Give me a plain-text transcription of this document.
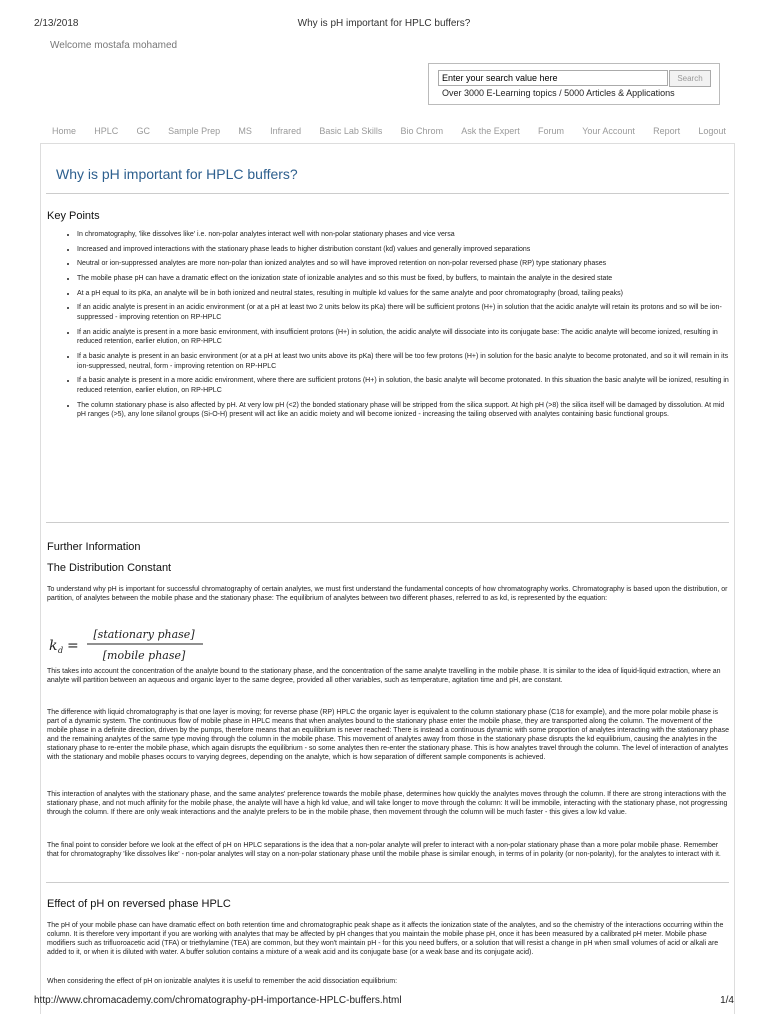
2/13/2018	Why is pH important for HPLC buffers?
Welcome mostafa mohamed
Enter your search value here
Search
Over 3000 E-Learning topics / 5000 Articles & Applications
Home HPLC GC Sample Prep MS Infrared Basic Lab Skills Bio Chrom Ask the Expert Forum Your Account Report Logout
Why is pH important for HPLC buffers?
Key Points
• In chromatography, 'like dissolves like' i.e. non-polar analytes interact well with non-polar stationary phases and vice versa
• Increased and improved interactions with the stationary phase leads to higher distribution constant (kd) values and generally improved separations
• Neutral or ion-suppressed analytes are more non-polar than ionized analytes and so will have improved retention on non-polar reversed phase (RP) type stationary phases
• The mobile phase pH can have a dramatic effect on the ionization state of ionizable analytes and so this must be fixed, by buffers, to maintain the analyte in the desired state
• At a pH equal to its pKa, an analyte will be in both ionized and neutral states, resulting in multiple kd values for the same analyte and poor chromatography (broad, tailing peaks)
• If an acidic analyte is present in an acidic environment (or at a pH at least two 2 units below its pKa) there will be sufficient protons (H+) in solution that the acidic analyte will retain its protons and so will be ion-suppressed - improving retention on RP-HPLC
• If an acidic analyte is present in a more basic environment, with insufficient protons (H+) in solution, the acidic analyte will dissociate into its conjugate base: The acidic analyte will become ionized, resulting in reduced retention, earlier elution, on RP-HPLC
• If a basic analyte is present in an basic environment (or at a pH at least two units above its pKa) there will be too few protons (H+) in solution for the basic analyte to become protonated, and so it will remain in its ion-suppressed, neutral, form - improving retention on RP-HPLC
• If a basic analyte is present in a more acidic environment, where there are sufficient protons (H+) in solution, the basic analyte will become protonated. In this situation the basic analyte will be ionized, resulting in reduced retention, earlier elution, on RP-HPLC
• The column stationary phase is also affected by pH. At very low pH (<2) the bonded stationary phase will be stripped from the silica support. At high pH (>8) the silica itself will be damaged by dissolution. At mid pH ranges (>5), any lone silanol groups (Si-O-H) present will act like an acidic moiety and will become ionized - increasing the tailing observed with analytes containing basic functional groups.
Further Information
The Distribution Constant

To understand why pH is important for successful chromatography of certain analytes, we must first understand the fundamental concepts of how chromatography works. Chromatography is based upon the distribution, or partition, of analytes between the mobile phase and the stationary phase: The equilibrium of analytes between two different phases, referred to as kd, is represented by the equation:

k d =
[stationary phase]
[mobile phase]

This takes into account the concentration of the analyte bound to the stationary phase, and the concentration of the same analyte travelling in the mobile phase. It is similar to the idea of liquid-liquid extraction, where an analyte will partition between an aqueous and organic layer to the same degree, provided all other variables, such as temperature, agitation time and pH, are constant.

The difference with liquid chromatography is that one layer is moving; for reverse phase (RP) HPLC the organic layer is equivalent to the column stationary phase (C18 for example), and the more polar mobile phase is part of a dynamic system. The continuous flow of mobile phase in HPLC means that when analytes bound to the stationary phase enter the mobile phase, they are transported along the column. The movement of the mobile phase in a definite direction, driven by the pumps, therefore means that an equilibrium is never reached: There is instead a continuous dynamic with some proportion of analytes interacting with the stationary phase and the remaining analytes of the same type moving through the column in the mobile phase. This movement of analytes away from those in the stationary phase disrupts the kd equilibrium, causing the analytes in the stationary phase to re-enter the mobile phase, which again disrupts the equilibrium - so some analytes then re-enter the stationary phase. This is how analytes travel through the column. The level of interaction of analytes with the stationary and mobile phases occurs to varying degrees, depending on the analyte, which is how separation of different sample components is achieved.

This interaction of analytes with the stationary phase, and the same analytes' preference towards the mobile phase, determines how quickly the analytes moves through the column. If there are strong interactions with the stationary phase, and not much affinity for the mobile phase, the analyte will have a high kd value, and will take longer to move through the column: It will be immobile, interacting with the stationary phase, not progressing through the column. If there are only weak interactions and the analyte prefers to be in the mobile phase, then movement through the column will be much faster - this gives a low kd value.

The final point to consider before we look at the effect of pH on HPLC separations is the idea that a non-polar analyte will prefer to interact with a non-polar stationary phase than a more polar mobile phase. Remember that for chromatography 'like dissolves like' - non-polar analytes will stay on a non-polar stationary phase until the mobile phase is similar enough, in terms of in polarity (or non-polarity), for the analytes to interact with it.

Effect of pH on reversed phase HPLC

The pH of your mobile phase can have dramatic effect on both retention time and chromatographic peak shape as it affects the ionization state of the analytes, and so the chemistry of the interactions occurring within the column. It is therefore very important if you are working with analytes that may be affected by pH changes that you maintain the mobile phase pH, once it has been measured by a calibrated pH meter. Mobile phase modifiers such as trifluoroacetic acid (TFA) or triethylamine (TEA) are common, but they won't maintain pH - for this you need buffers, or a solution that will resist a change in pH when small volumes of acid or alkali are added to it, or when it is diluted with water. A buffer solution contains a mixture of a weak acid and its conjugate base (or a weak base and its conjugate acid).

When considering the effect of pH on ionizable analytes it is useful to remember the acid dissociation equilibrium:

http://www.chromacademy.com/chromatography-pH-importance-HPLC-buffers.html	1/4
